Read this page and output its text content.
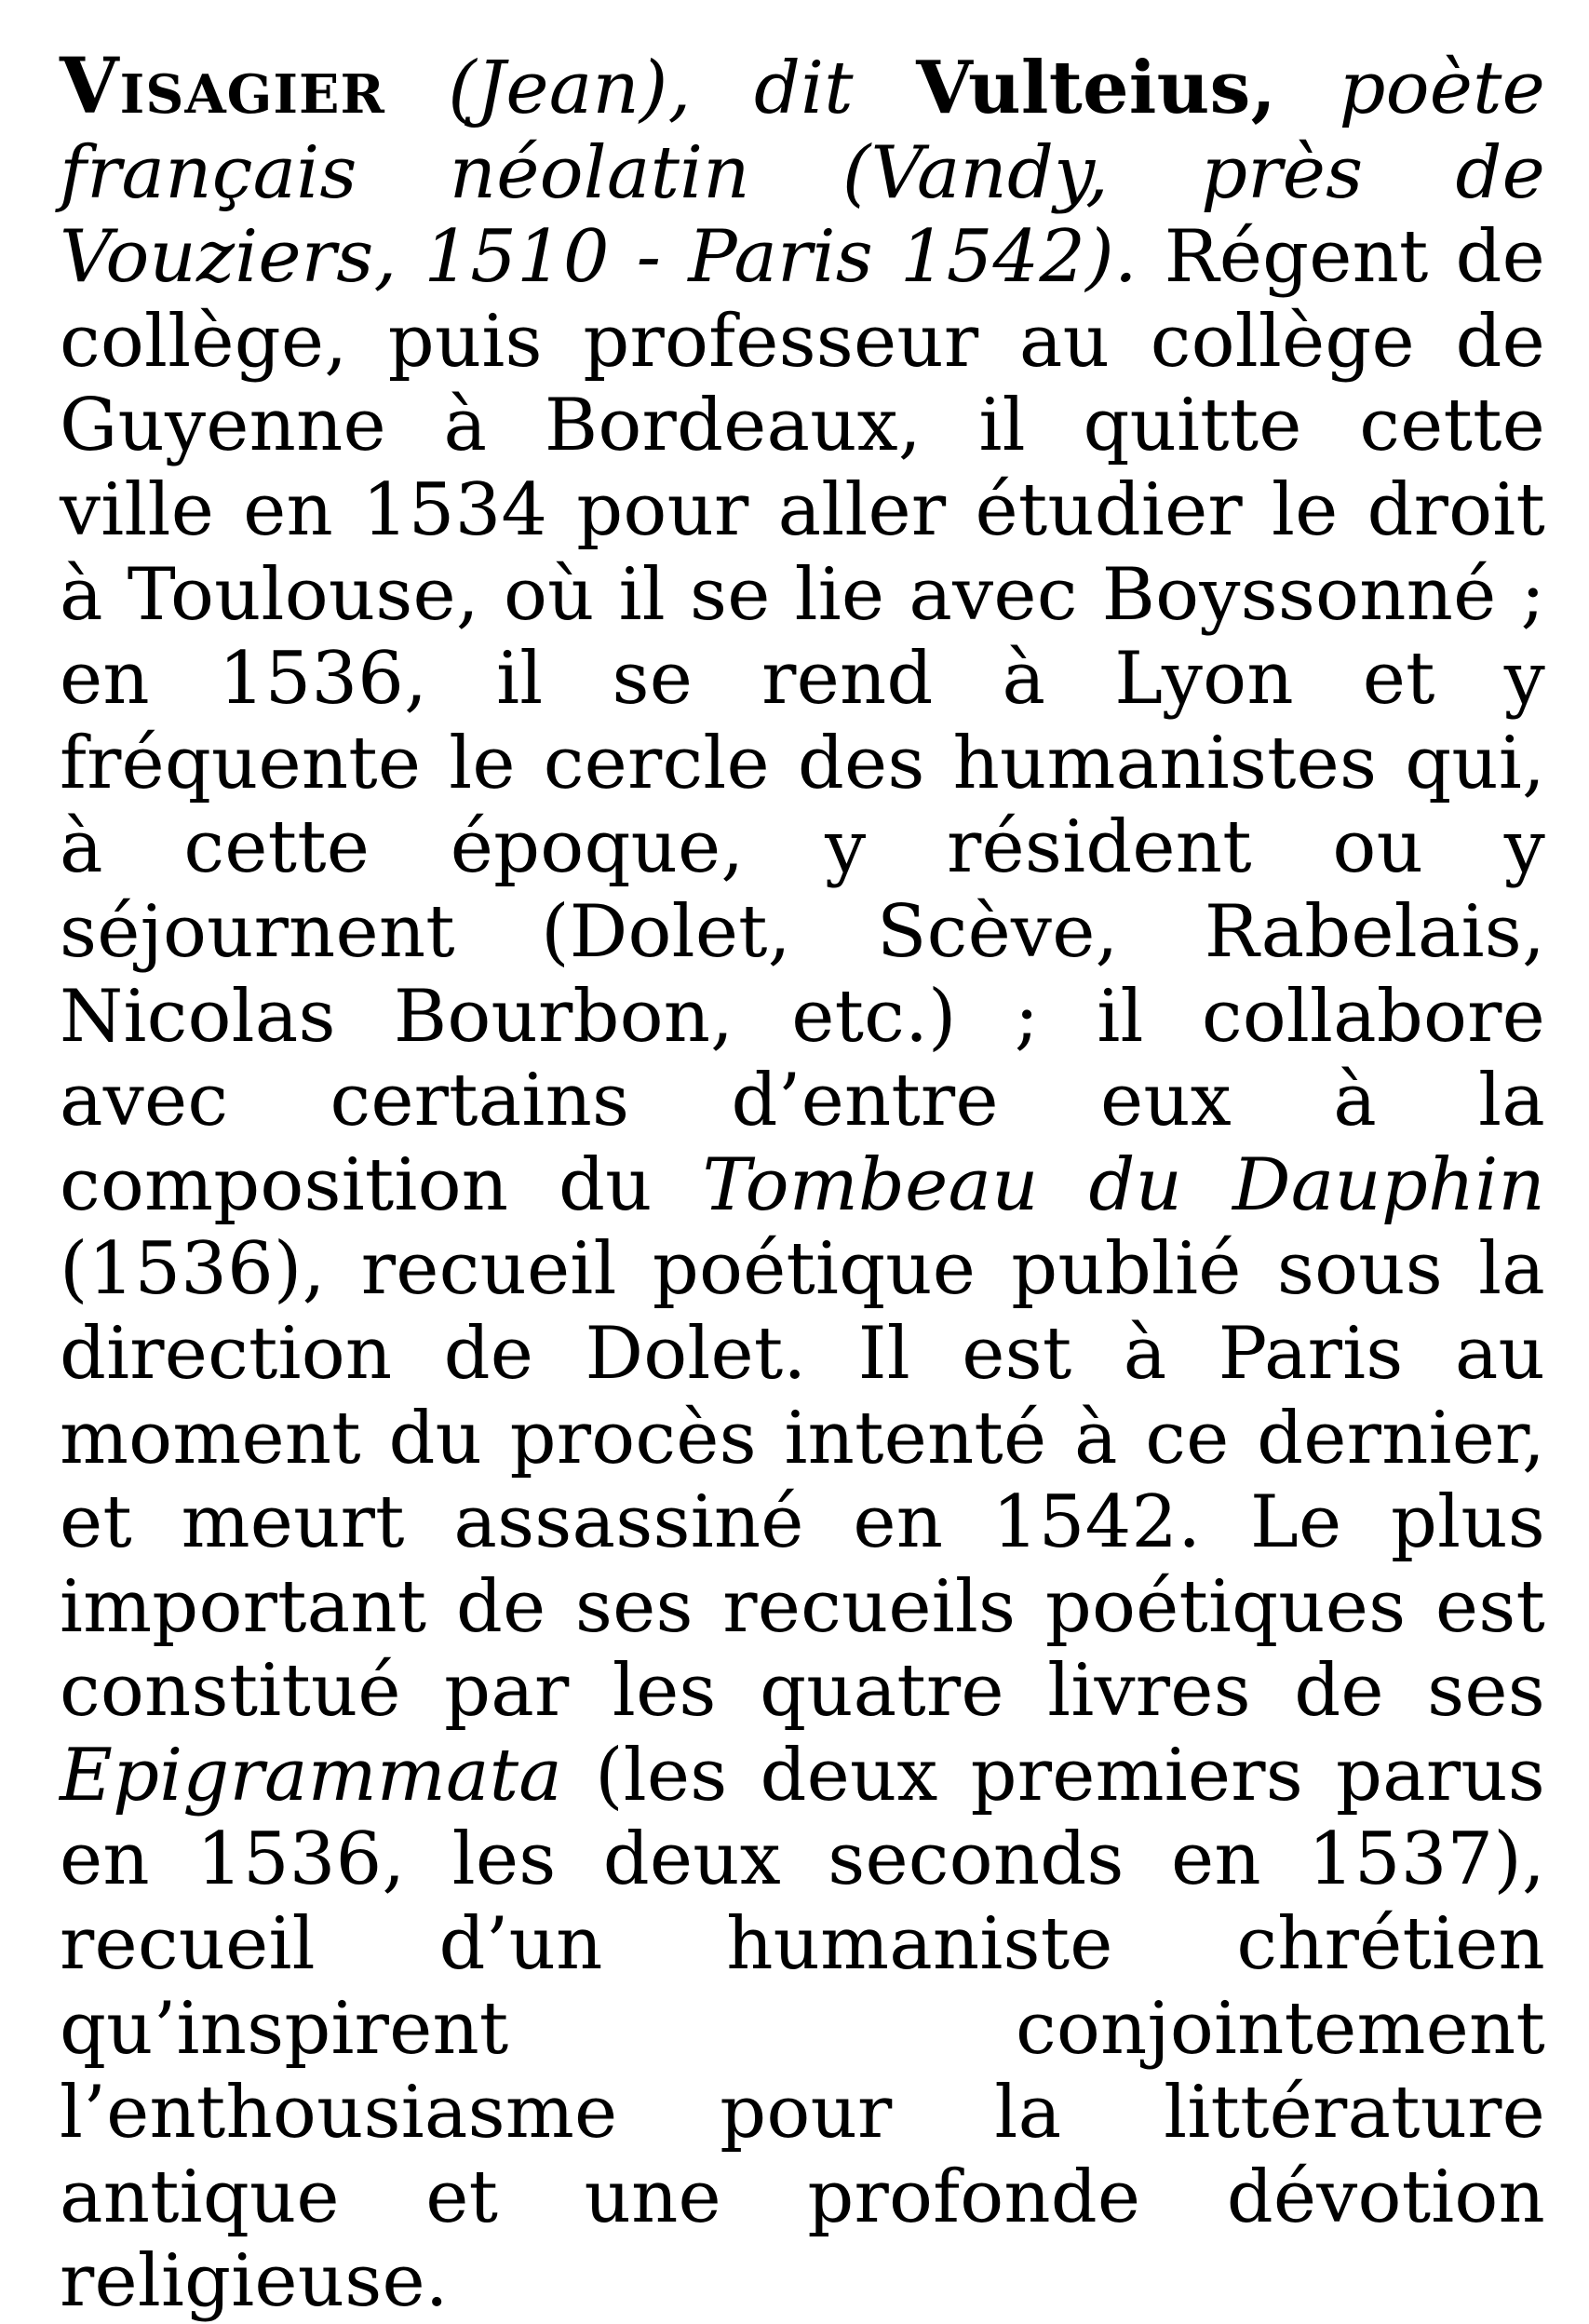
Visagier (Jean), dit Vulteius, poète français néolatin (Vandy, près de Vouziers, 1510 - Paris 1542). Régent de collège, puis professeur au collège de Guyenne à Bordeaux, il quitte cette ville en 1534 pour aller étudier le droit à Toulouse, où il se lie avec Boyssonné ; en 1536, il se rend à Lyon et y fréquente le cercle des humanistes qui, à cette époque, y résident ou y séjournent (Dolet, Scève, Rabelais, Nicolas Bourbon, etc.) ; il collabore avec certains d’entre eux à la composition du Tombeau du Dauphin (1536), recueil poétique publié sous la direction de Dolet. Il est à Paris au moment du procès intenté à ce dernier, et meurt assassiné en 1542. Le plus important de ses recueils poétiques est constitué par les quatre livres de ses Epigrammata (les deux premiers parus en 1536, les deux seconds en 1537), recueil d’un humaniste chrétien qu’inspirent conjointement l’enthousiasme pour la littérature antique et une profonde dévotion religieuse.
